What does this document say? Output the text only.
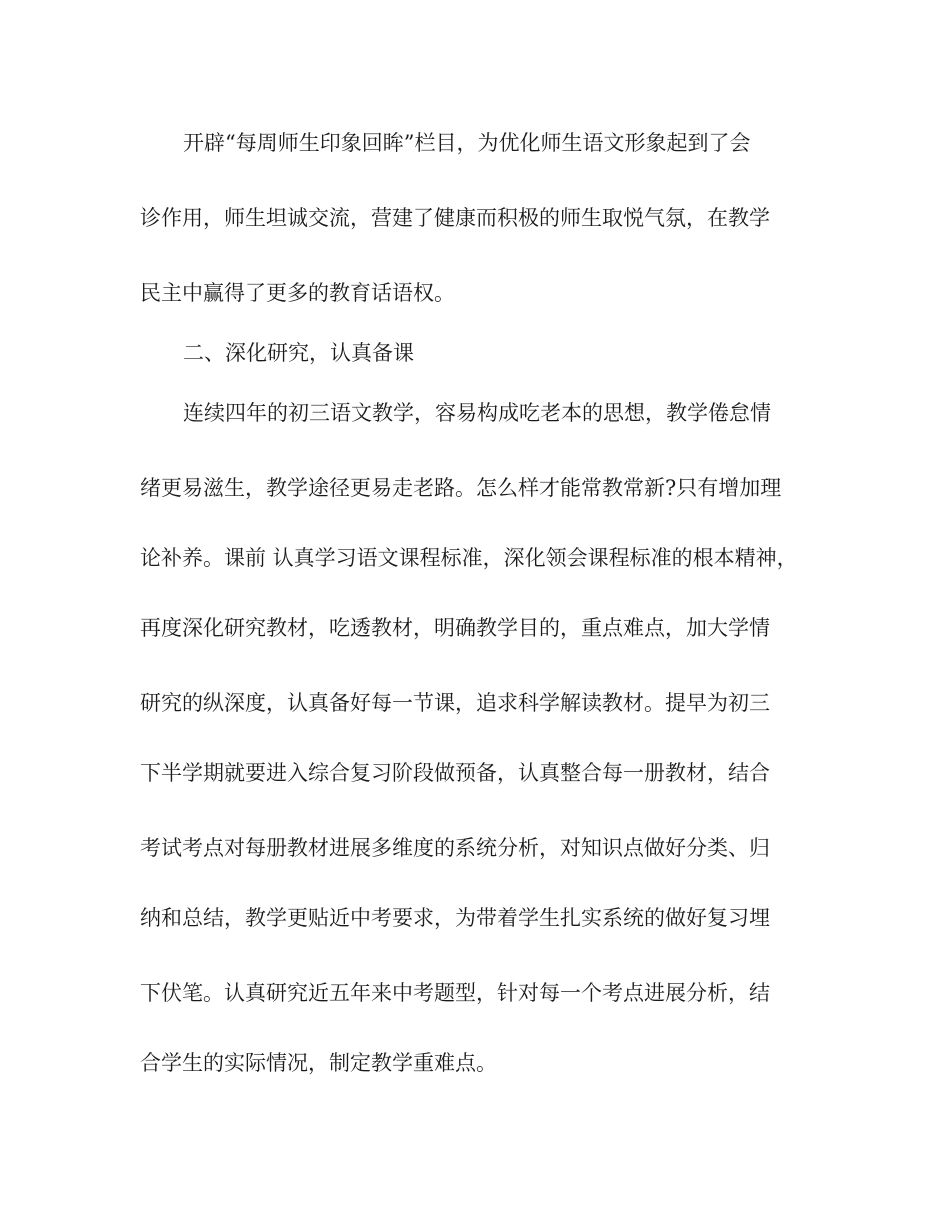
开辟“每周师生印象回眸”栏目，为优化师生语文形象起到了会

诊作用，师生坦诚交流，营建了健康而积极的师生取悦气氛，在教学

民主中赢得了更多的教育话语权。

二、深化研究，认真备课

连续四年的初三语文教学，容易构成吃老本的思想，教学倦怠情

绪更易滋生，教学途径更易走老路。怎么样才能常教常新?只有增加理

论补养。课前 认真学习语文课程标准，深化领会课程标准的根本精神，

再度深化研究教材，吃透教材，明确教学目的，重点难点，加大学情

研究的纵深度，认真备好每一节课，追求科学解读教材。提早为初三

下半学期就要进入综合复习阶段做预备，认真整合每一册教材，结合

考试考点对每册教材进展多维度的系统分析，对知识点做好分类、归

纳和总结，教学更贴近中考要求，为带着学生扎实系统的做好复习埋

下伏笔。认真研究近五年来中考题型，针对每一个考点进展分析，结

合学生的实际情况，制定教学重难点。
